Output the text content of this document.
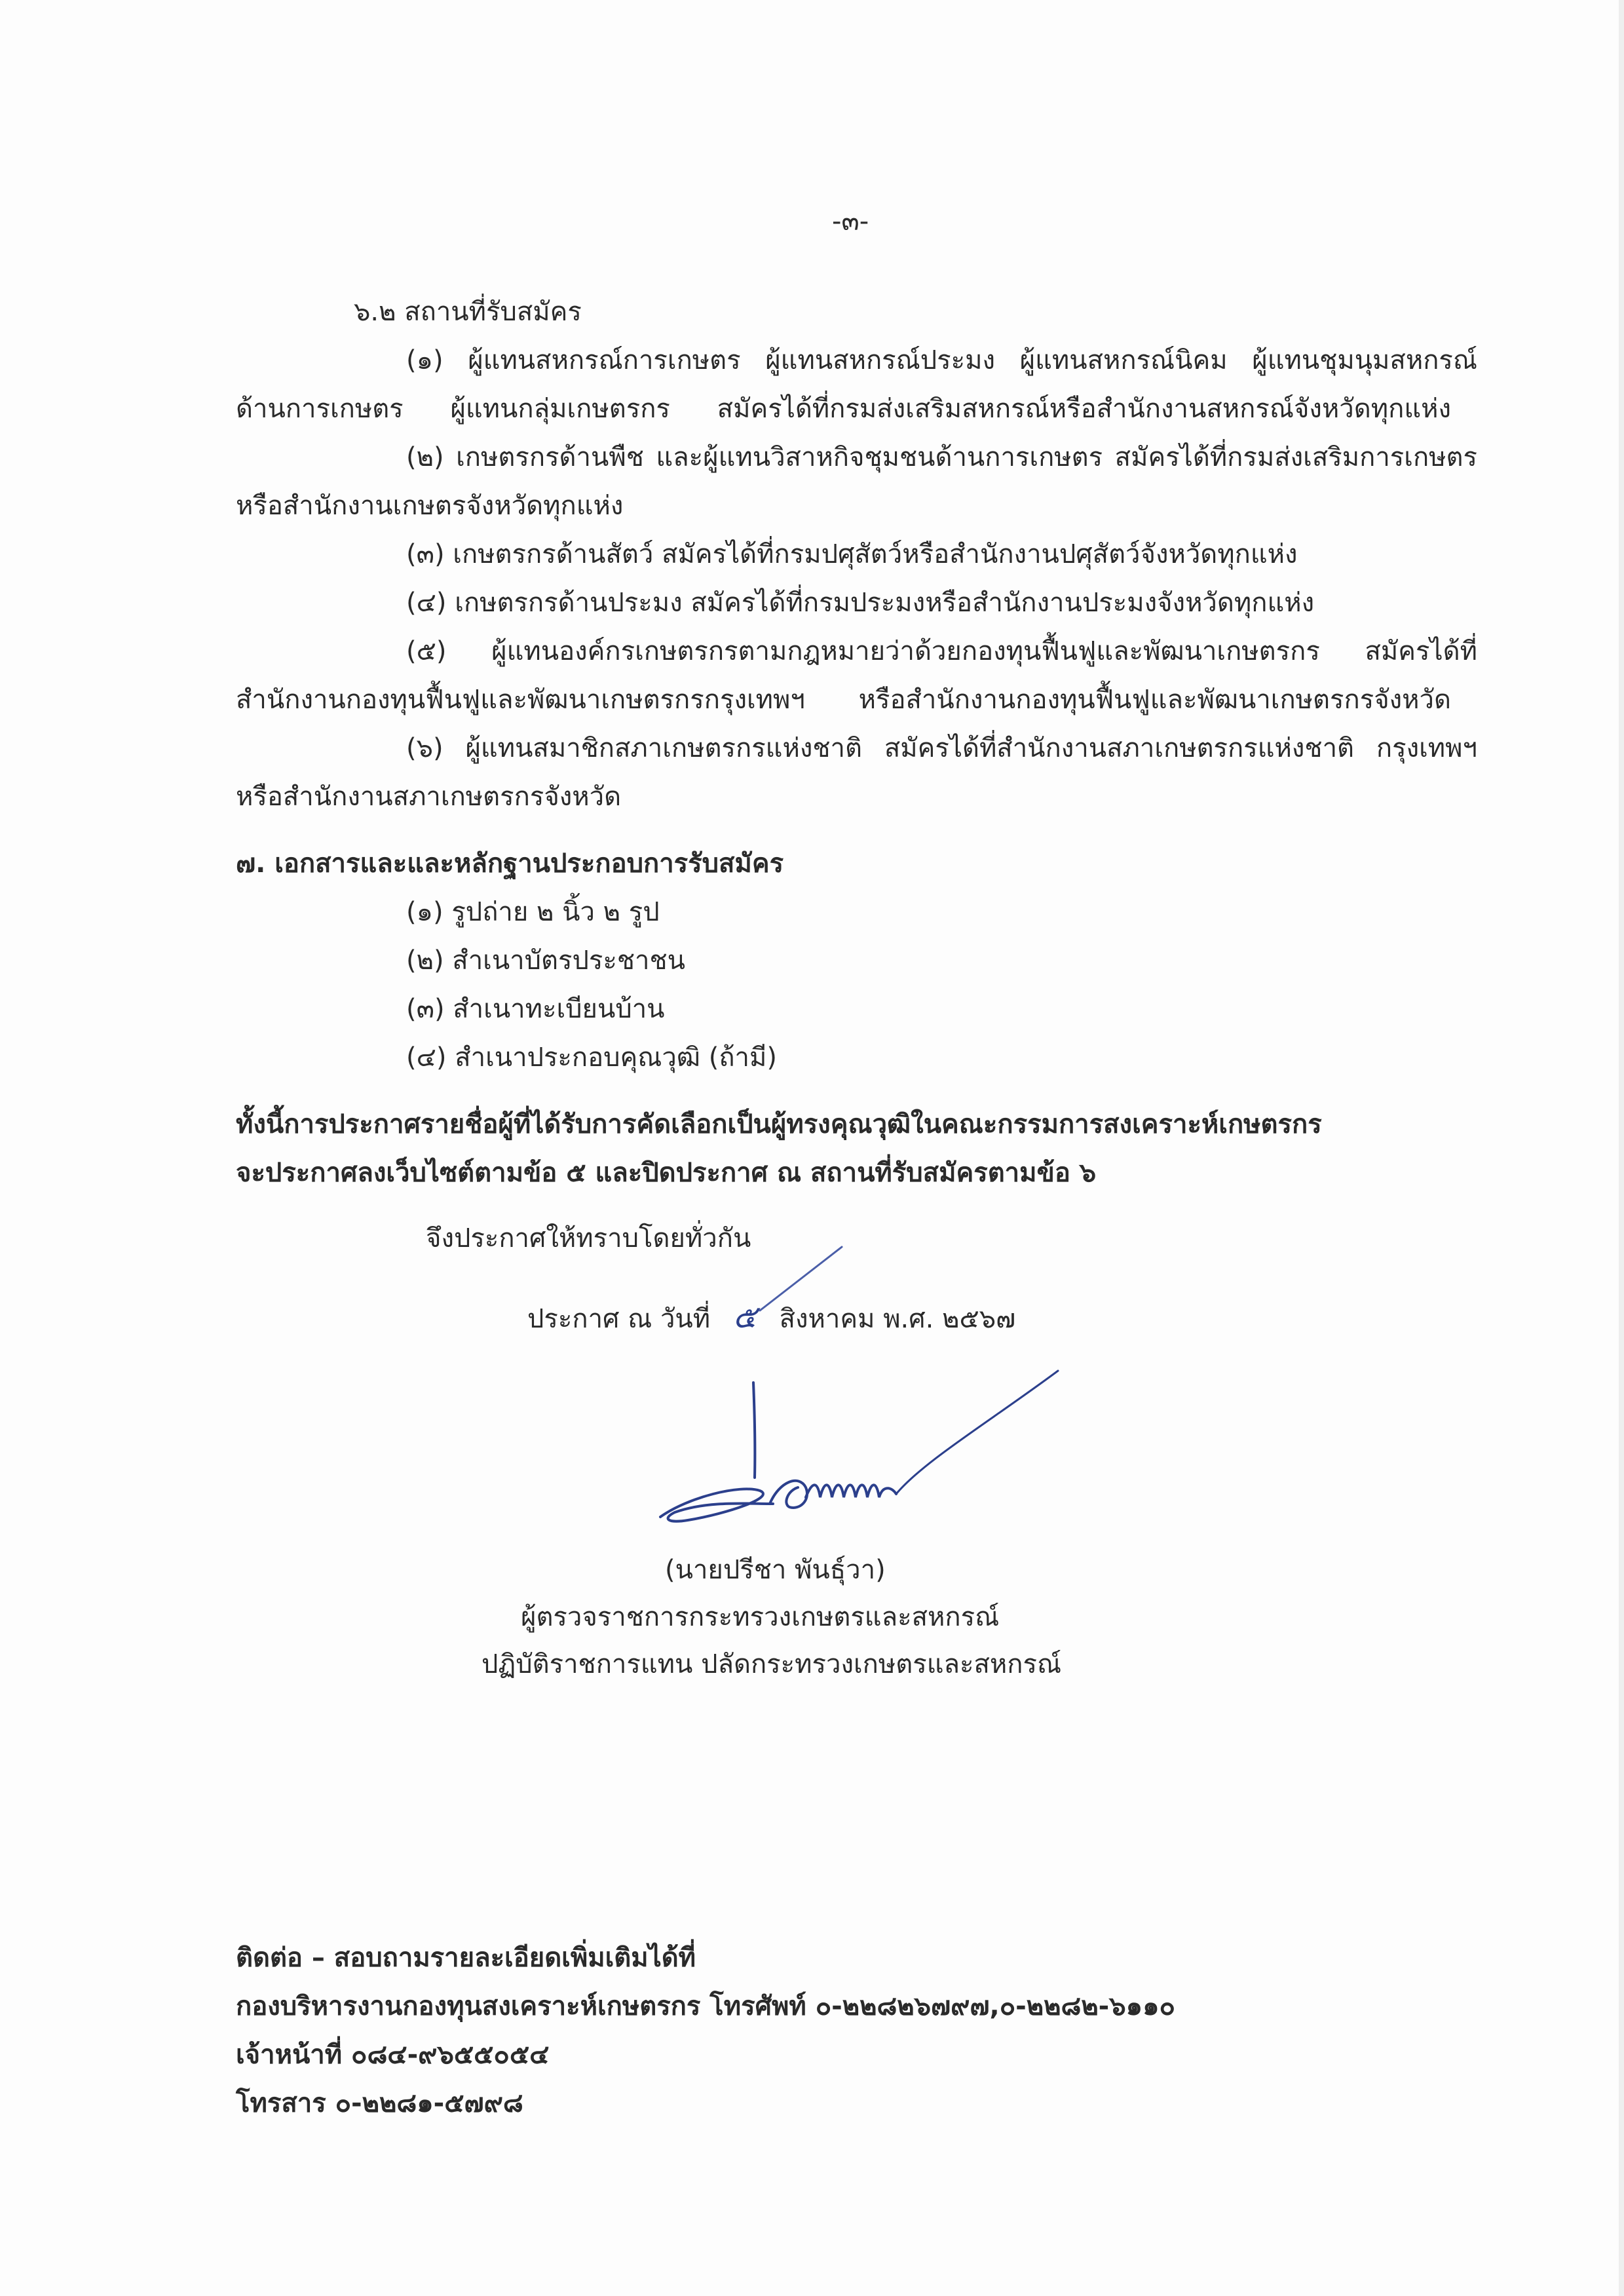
-๓-
๖.๒ สถานที่รับสมัคร
(๑) ผู้แทนสหกรณ์การเกษตร ผู้แทนสหกรณ์ประมง ผู้แทนสหกรณ์นิคม ผู้แทนชุมนุมสหกรณ์
ด้านการเกษตร ผู้แทนกลุ่มเกษตรกร สมัครได้ที่กรมส่งเสริมสหกรณ์หรือสำนักงานสหกรณ์จังหวัดทุกแห่ง
(๒) เกษตรกรด้านพืช และผู้แทนวิสาหกิจชุมชนด้านการเกษตร สมัครได้ที่กรมส่งเสริมการเกษตร
หรือสำนักงานเกษตรจังหวัดทุกแห่ง
(๓) เกษตรกรด้านสัตว์ สมัครได้ที่กรมปศุสัตว์หรือสำนักงานปศุสัตว์จังหวัดทุกแห่ง
(๔) เกษตรกรด้านประมง สมัครได้ที่กรมประมงหรือสำนักงานประมงจังหวัดทุกแห่ง
(๕) ผู้แทนองค์กรเกษตรกรตามกฎหมายว่าด้วยกองทุนฟื้นฟูและพัฒนาเกษตรกร สมัครได้ที่
สำนักงานกองทุนฟื้นฟูและพัฒนาเกษตรกรกรุงเทพฯ หรือสำนักงานกองทุนฟื้นฟูและพัฒนาเกษตรกรจังหวัด
(๖) ผู้แทนสมาชิกสภาเกษตรกรแห่งชาติ สมัครได้ที่สำนักงานสภาเกษตรกรแห่งชาติ กรุงเทพฯ
หรือสำนักงานสภาเกษตรกรจังหวัด
๗. เอกสารและและหลักฐานประกอบการรับสมัคร
(๑) รูปถ่าย ๒ นิ้ว ๒ รูป
(๒) สำเนาบัตรประชาชน
(๓) สำเนาทะเบียนบ้าน
(๔) สำเนาประกอบคุณวุฒิ (ถ้ามี)
ทั้งนี้การประกาศรายชื่อผู้ที่ได้รับการคัดเลือกเป็นผู้ทรงคุณวุฒิในคณะกรรมการสงเคราะห์เกษตรกร
จะประกาศลงเว็บไซต์ตามข้อ ๕ และปิดประกาศ ณ สถานที่รับสมัครตามข้อ ๖
จึงประกาศให้ทราบโดยทั่วกัน
ประกาศ ณ วันที่ ๕ สิงหาคม พ.ศ. ๒๕๖๗
(นายปรีชา พันธุ์วา)
ผู้ตรวจราชการกระทรวงเกษตรและสหกรณ์
ปฏิบัติราชการแทน ปลัดกระทรวงเกษตรและสหกรณ์
ติดต่อ – สอบถามรายละเอียดเพิ่มเติมได้ที่
กองบริหารงานกองทุนสงเคราะห์เกษตรกร โทรศัพท์ ๐-๒๒๘๒๖๗๙๗,๐-๒๒๘๒-๖๑๑๐
เจ้าหน้าที่ ๐๘๔-๙๖๕๕๐๕๔
โทรสาร ๐-๒๒๘๑-๕๗๙๘
